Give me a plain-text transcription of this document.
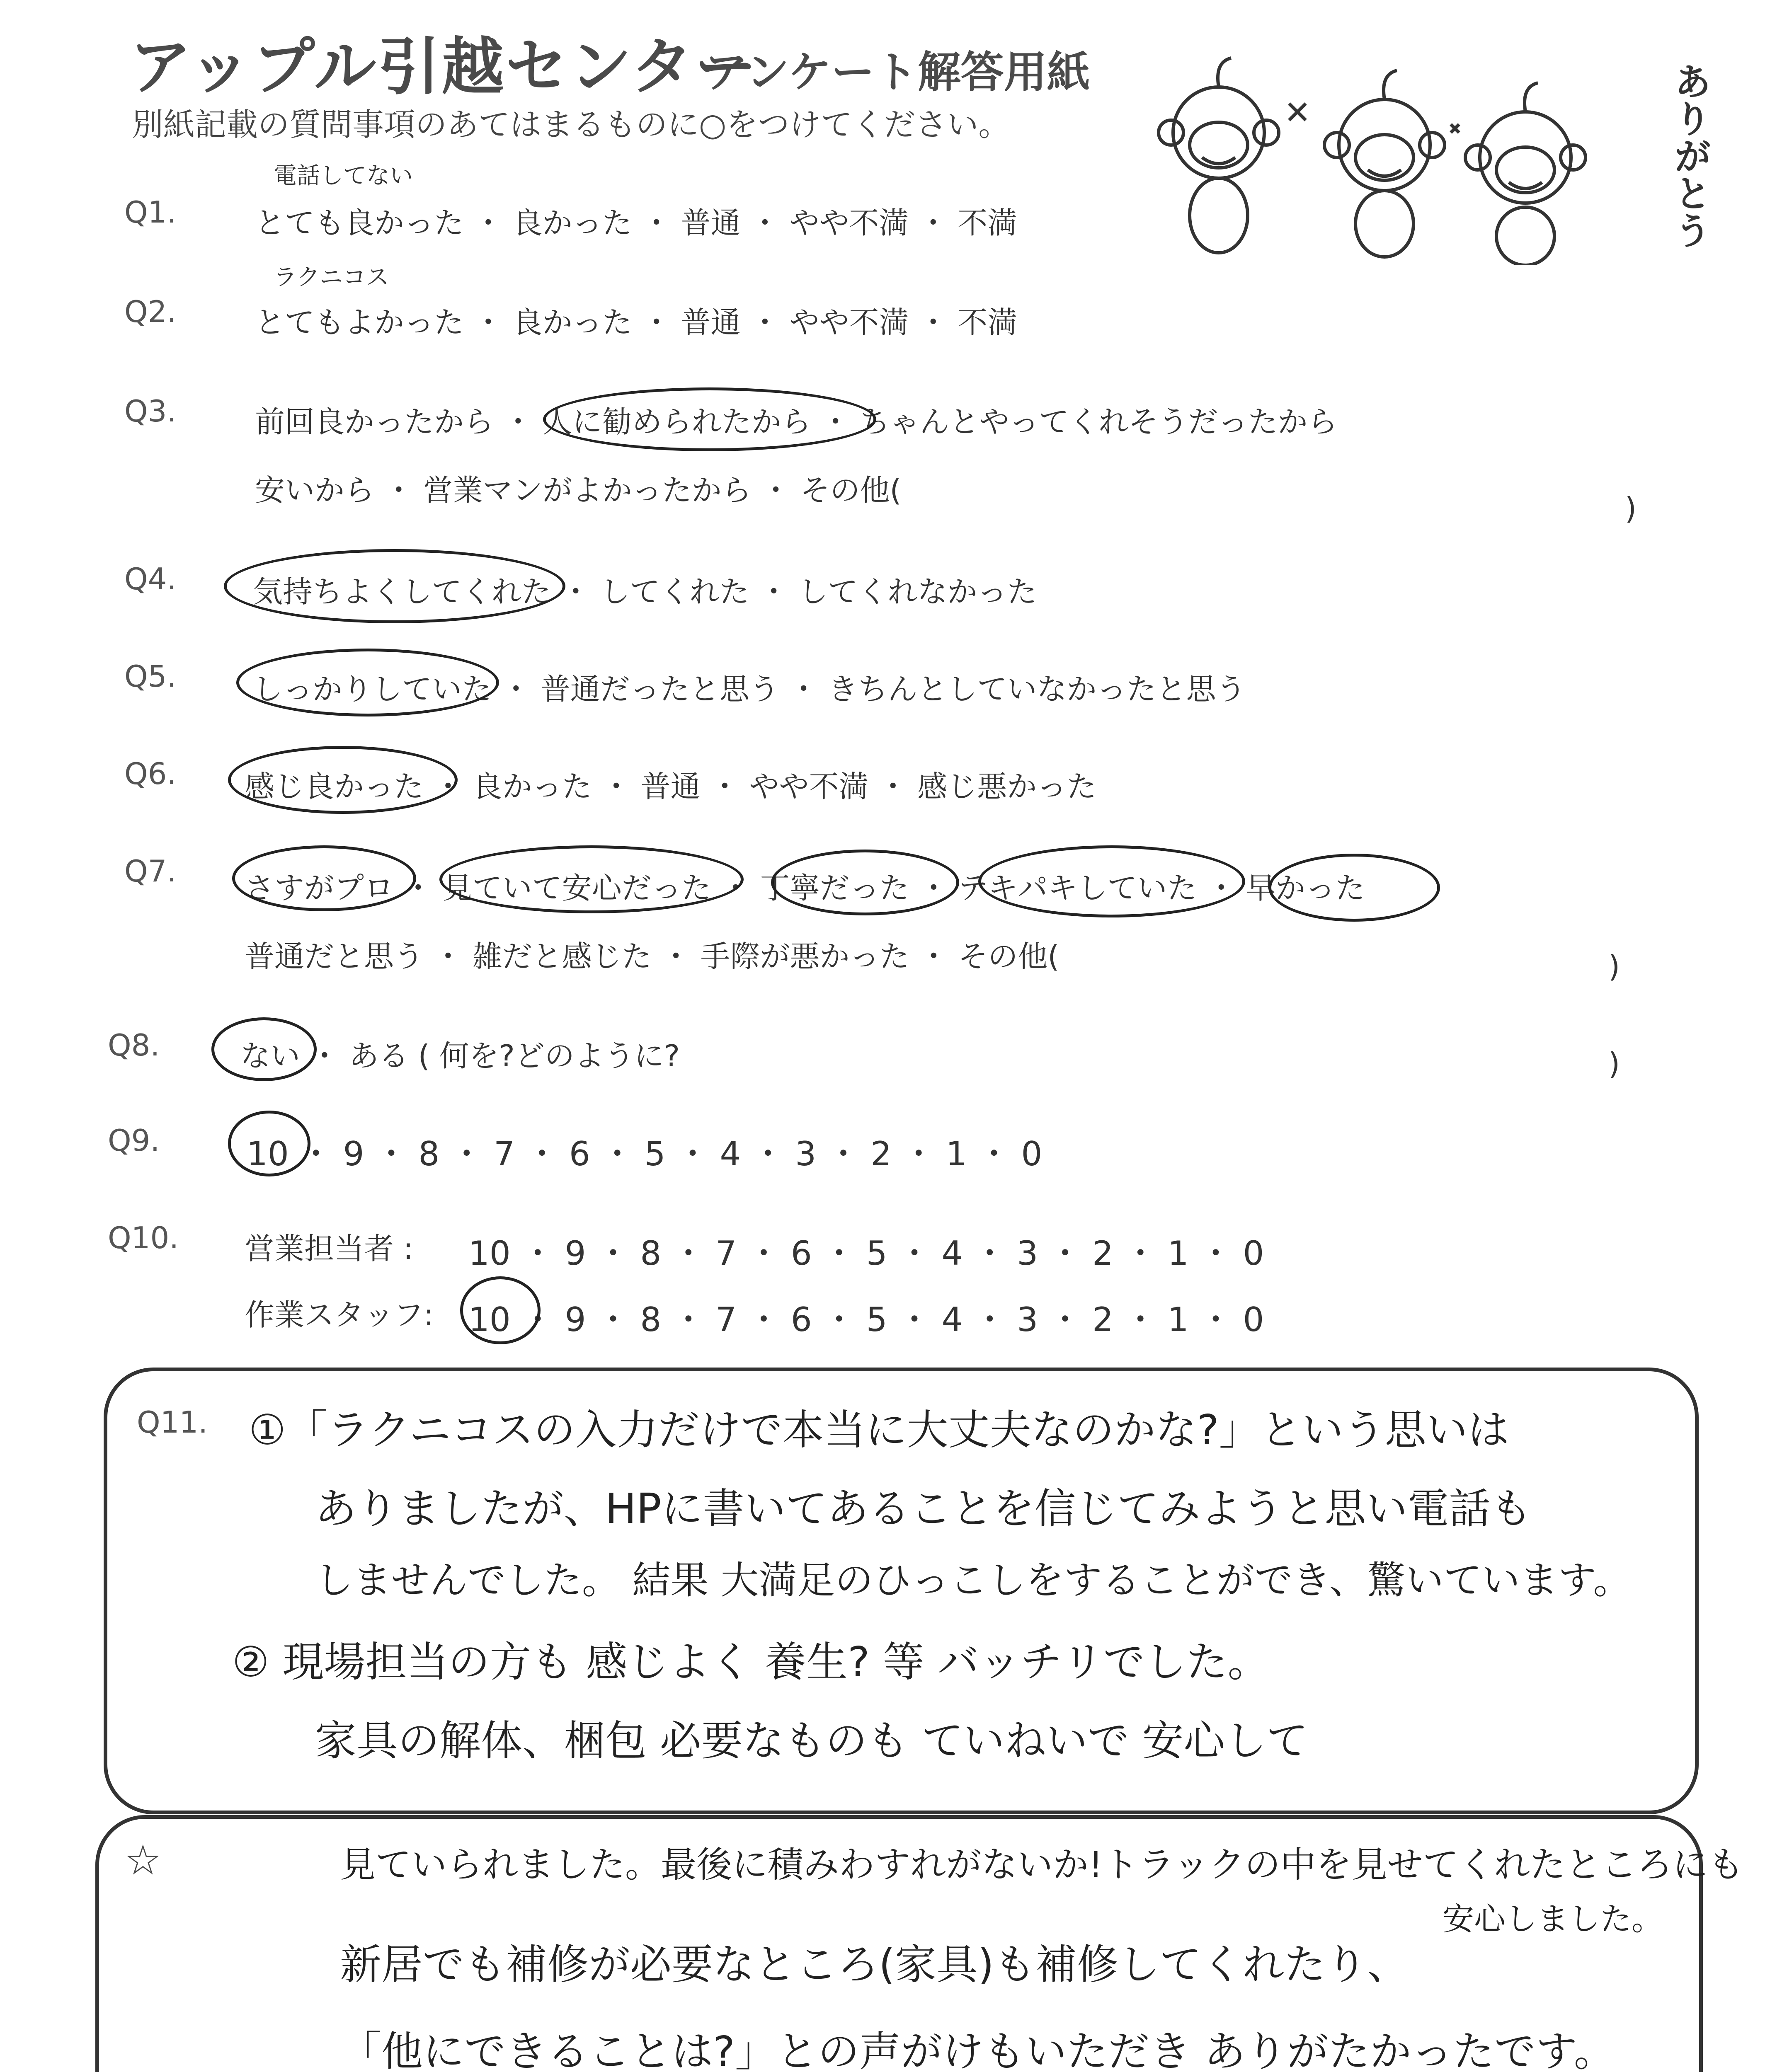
アップル引越センター
アンケート解答用紙
別紙記載の質問事項のあてはまるものに○をつけてください。	ありがとう
電話してない
Q1.	とても良かった ・ 良かった ・ 普通 ・ やや不満 ・ 不満
ラクニコス
Q2.	とてもよかった ・ 良かった ・ 普通 ・ やや不満 ・ 不満
Q3.	前回良かったから ・ 人に勧められたから ・ ちゃんとやってくれそうだったから
安いから ・ 営業マンがよかったから ・ その他(
)
Q4.	気持ちよくしてくれた ・ してくれた ・ してくれなかった
Q5.	しっかりしていた ・ 普通だったと思う ・ きちんとしていなかったと思う
Q6. 感じ良かった ・ 良かった ・ 普通 ・ やや不満 ・ 感じ悪かった
Q7. さすがプロ ・ 見ていて安心だった ・ 丁寧だった ・ テキパキしていた ・ 早かった
普通だと思う ・ 雑だと感じた ・ 手際が悪かった ・ その他(	)
Q8.	ない ・ ある ( 何を?どのように?	)
Q9.	10 ・ 9 ・ 8 ・ 7 ・ 6 ・ 5 ・ 4 ・ 3 ・ 2 ・ 1 ・ 0
Q10. 営業担当者 : 10 ・ 9 ・ 8 ・ 7 ・ 6 ・ 5 ・ 4 ・ 3 ・ 2 ・ 1 ・ 0
作業スタッフ: 10 ・ 9 ・ 8 ・ 7 ・ 6 ・ 5 ・ 4 ・ 3 ・ 2 ・ 1 ・ 0
Q11. ①「ラクニコスの入力だけで本当に大丈夫なのかな?」という思いは
ありましたが、HPに書いてあることを信じてみようと思い電話も
しませんでした。 結果 大満足のひっこしをすることができ、驚いています。
② 現場担当の方も 感じよく 養生? 等 バッチリでした。
家具の解体、梱包 必要なものも ていねいで 安心して
☆	見ていられました。最後に積みわすれがないか!トラックの中を見せてくれたところにも
安心しました。
新居でも補修が必要なところ(家具)も補修してくれたり、
「他にできることは?」との声がけもいただき ありがたかったです。
